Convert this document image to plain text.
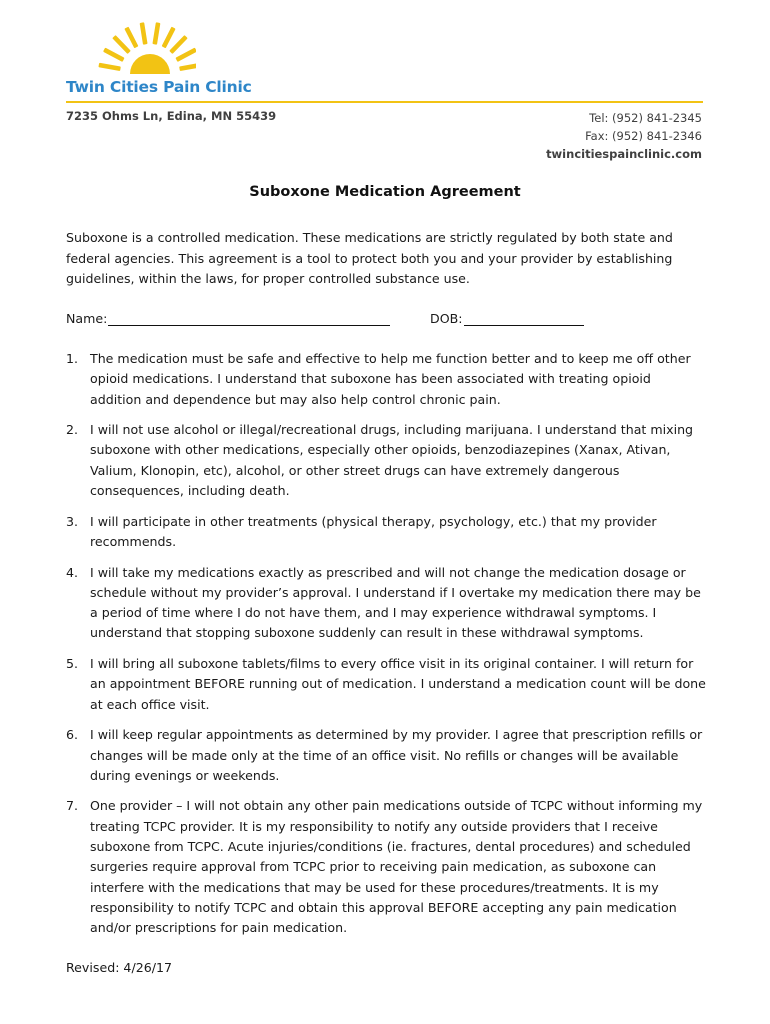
Twin Cities Pain Clinic
7235 Ohms Ln, Edina, MN 55439	Tel: (952) 841-2345
Fax: (952) 841-2346
twincitiespainclinic.com
Suboxone Medication Agreement
Suboxone is a controlled medication. These medications are strictly regulated by both state and federal agencies. This agreement is a tool to protect both you and your provider by establishing guidelines, within the laws, for proper controlled substance use.
Name:	DOB:
1. The medication must be safe and effective to help me function better and to keep me off other opioid medications. I understand that suboxone has been associated with treating opioid addition and dependence but may also help control chronic pain.
2. I will not use alcohol or illegal/recreational drugs, including marijuana. I understand that mixing suboxone with other medications, especially other opioids, benzodiazepines (Xanax, Ativan, Valium, Klonopin, etc), alcohol, or other street drugs can have extremely dangerous consequences, including death.
3. I will participate in other treatments (physical therapy, psychology, etc.) that my provider recommends.
4. I will take my medications exactly as prescribed and will not change the medication dosage or schedule without my provider’s approval. I understand if I overtake my medication there may be a period of time where I do not have them, and I may experience withdrawal symptoms. I understand that stopping suboxone suddenly can result in these withdrawal symptoms.
5. I will bring all suboxone tablets/films to every office visit in its original container. I will return for an appointment BEFORE running out of medication. I understand a medication count will be done at each office visit.
6. I will keep regular appointments as determined by my provider. I agree that prescription refills or changes will be made only at the time of an office visit. No refills or changes will be available during evenings or weekends.
7. One provider – I will not obtain any other pain medications outside of TCPC without informing my treating TCPC provider. It is my responsibility to notify any outside providers that I receive suboxone from TCPC. Acute injuries/conditions (ie. fractures, dental procedures) and scheduled surgeries require approval from TCPC prior to receiving pain medication, as suboxone can interfere with the medications that may be used for these procedures/treatments. It is my responsibility to notify TCPC and obtain this approval BEFORE accepting any pain medication and/or prescriptions for pain medication.
Revised: 4/26/17
